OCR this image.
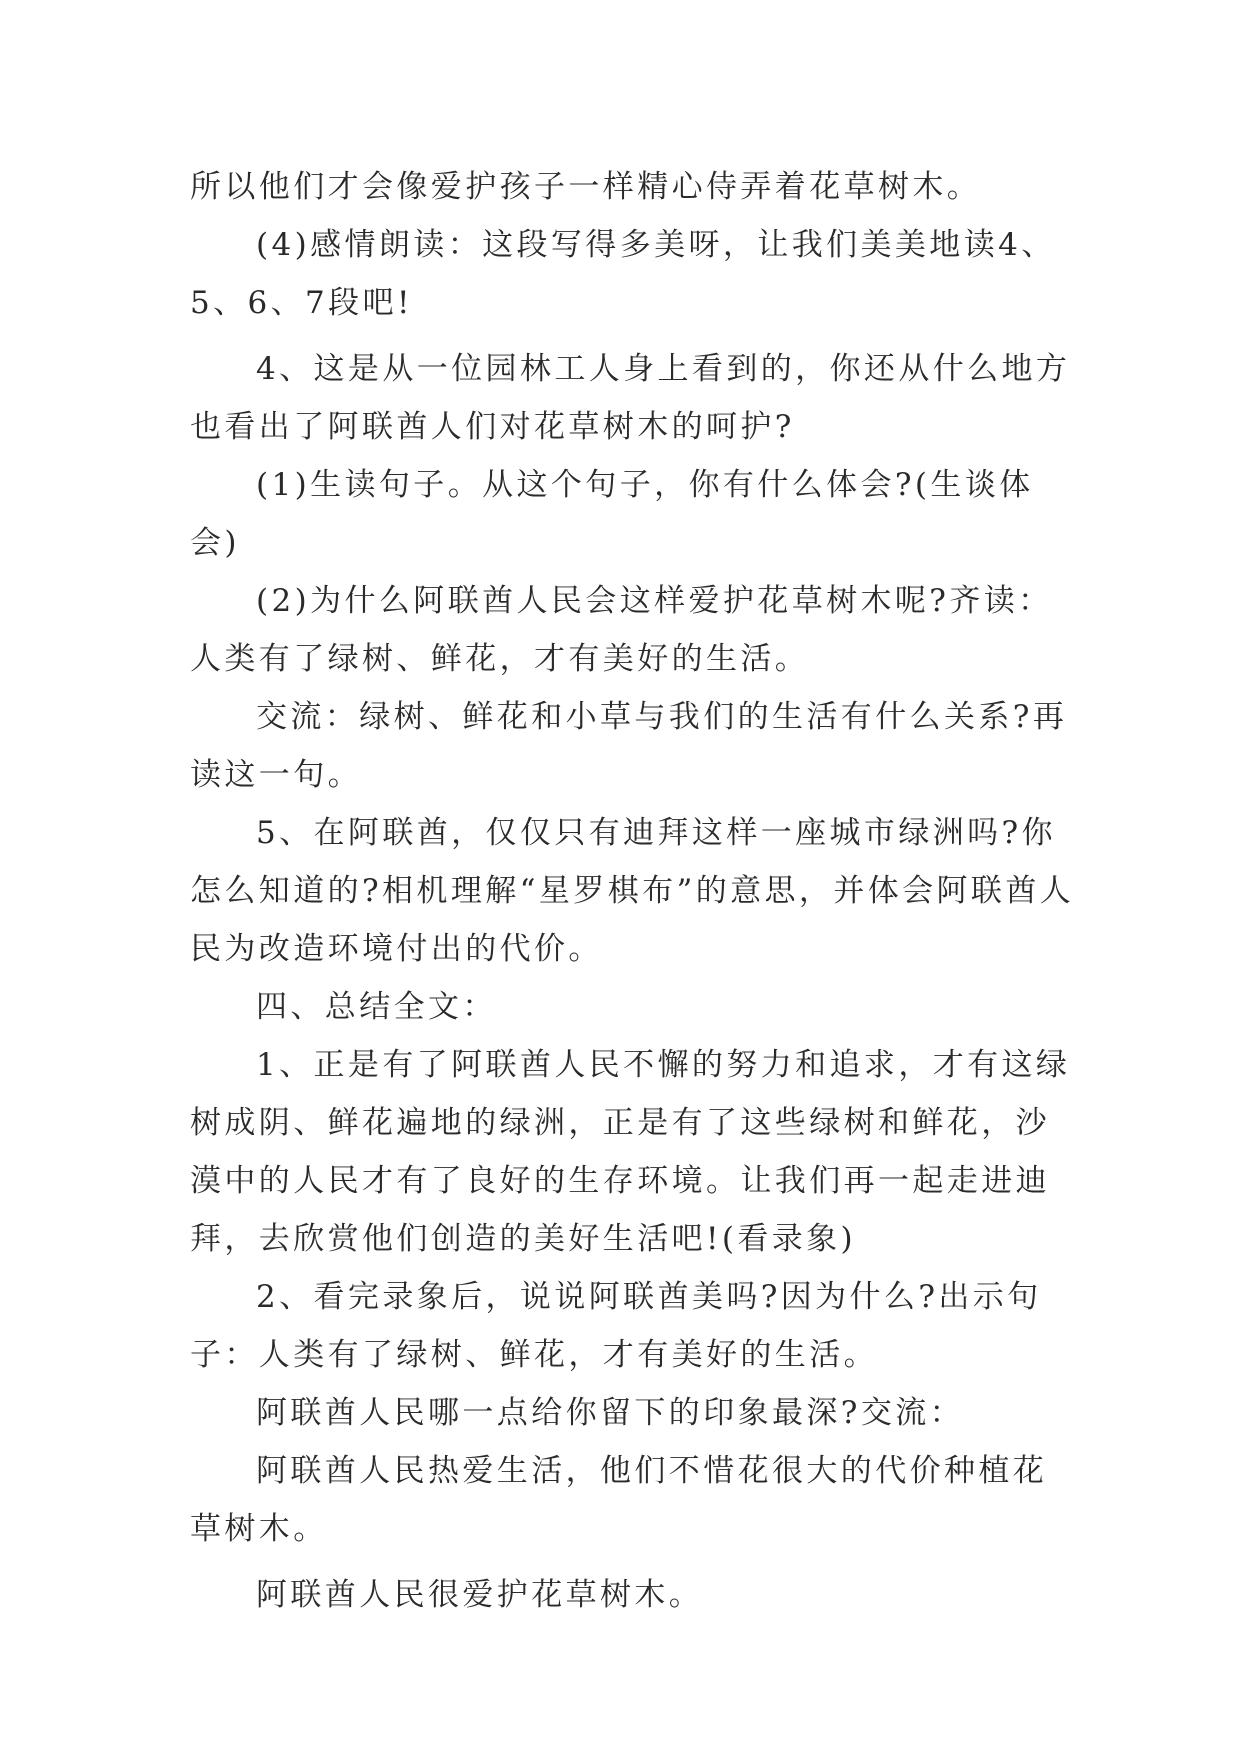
所以他们才会像爱护孩子一样精心侍弄着花草树木。

(4)感情朗读：这段写得多美呀，让我们美美地读4、5、6、7段吧!

4、这是从一位园林工人身上看到的，你还从什么地方也看出了阿联酋人们对花草树木的呵护?

(1)生读句子。从这个句子，你有什么体会?(生谈体会)

(2)为什么阿联酋人民会这样爱护花草树木呢?齐读：人类有了绿树、鲜花，才有美好的生活。

交流：绿树、鲜花和小草与我们的生活有什么关系?再读这一句。

5、在阿联酋，仅仅只有迪拜这样一座城市绿洲吗?你怎么知道的?相机理解“星罗棋布”的意思，并体会阿联酋人民为改造环境付出的代价。

四、总结全文：

1、正是有了阿联酋人民不懈的努力和追求，才有这绿树成阴、鲜花遍地的绿洲，正是有了这些绿树和鲜花，沙漠中的人民才有了良好的生存环境。让我们再一起走进迪拜，去欣赏他们创造的美好生活吧!(看录象)

2、看完录象后，说说阿联酋美吗?因为什么?出示句子：人类有了绿树、鲜花，才有美好的生活。

阿联酋人民哪一点给你留下的印象最深?交流：

阿联酋人民热爱生活，他们不惜花很大的代价种植花草树木。

阿联酋人民很爱护花草树木。
